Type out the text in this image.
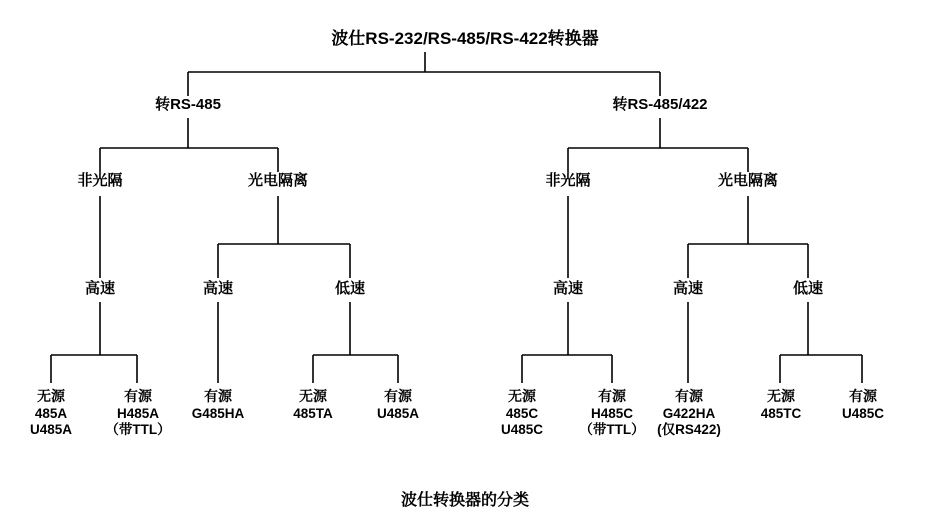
波仕RS-232/RS-485/RS-422转换器
转RS-485	转RS-485/422
非光隔	光电隔离	非光隔	光电隔离
高速	高速	低速	高速	高速	低速
无源
485A
U485A
有源
H485A
（带TTL）
有源
G485HA
无源
485TA
有源
U485A
无源
485C
U485C
有源
H485C
（带TTL）
有源
G422HA
(仅RS422)
无源
485TC
有源
U485C
波仕转换器的分类
